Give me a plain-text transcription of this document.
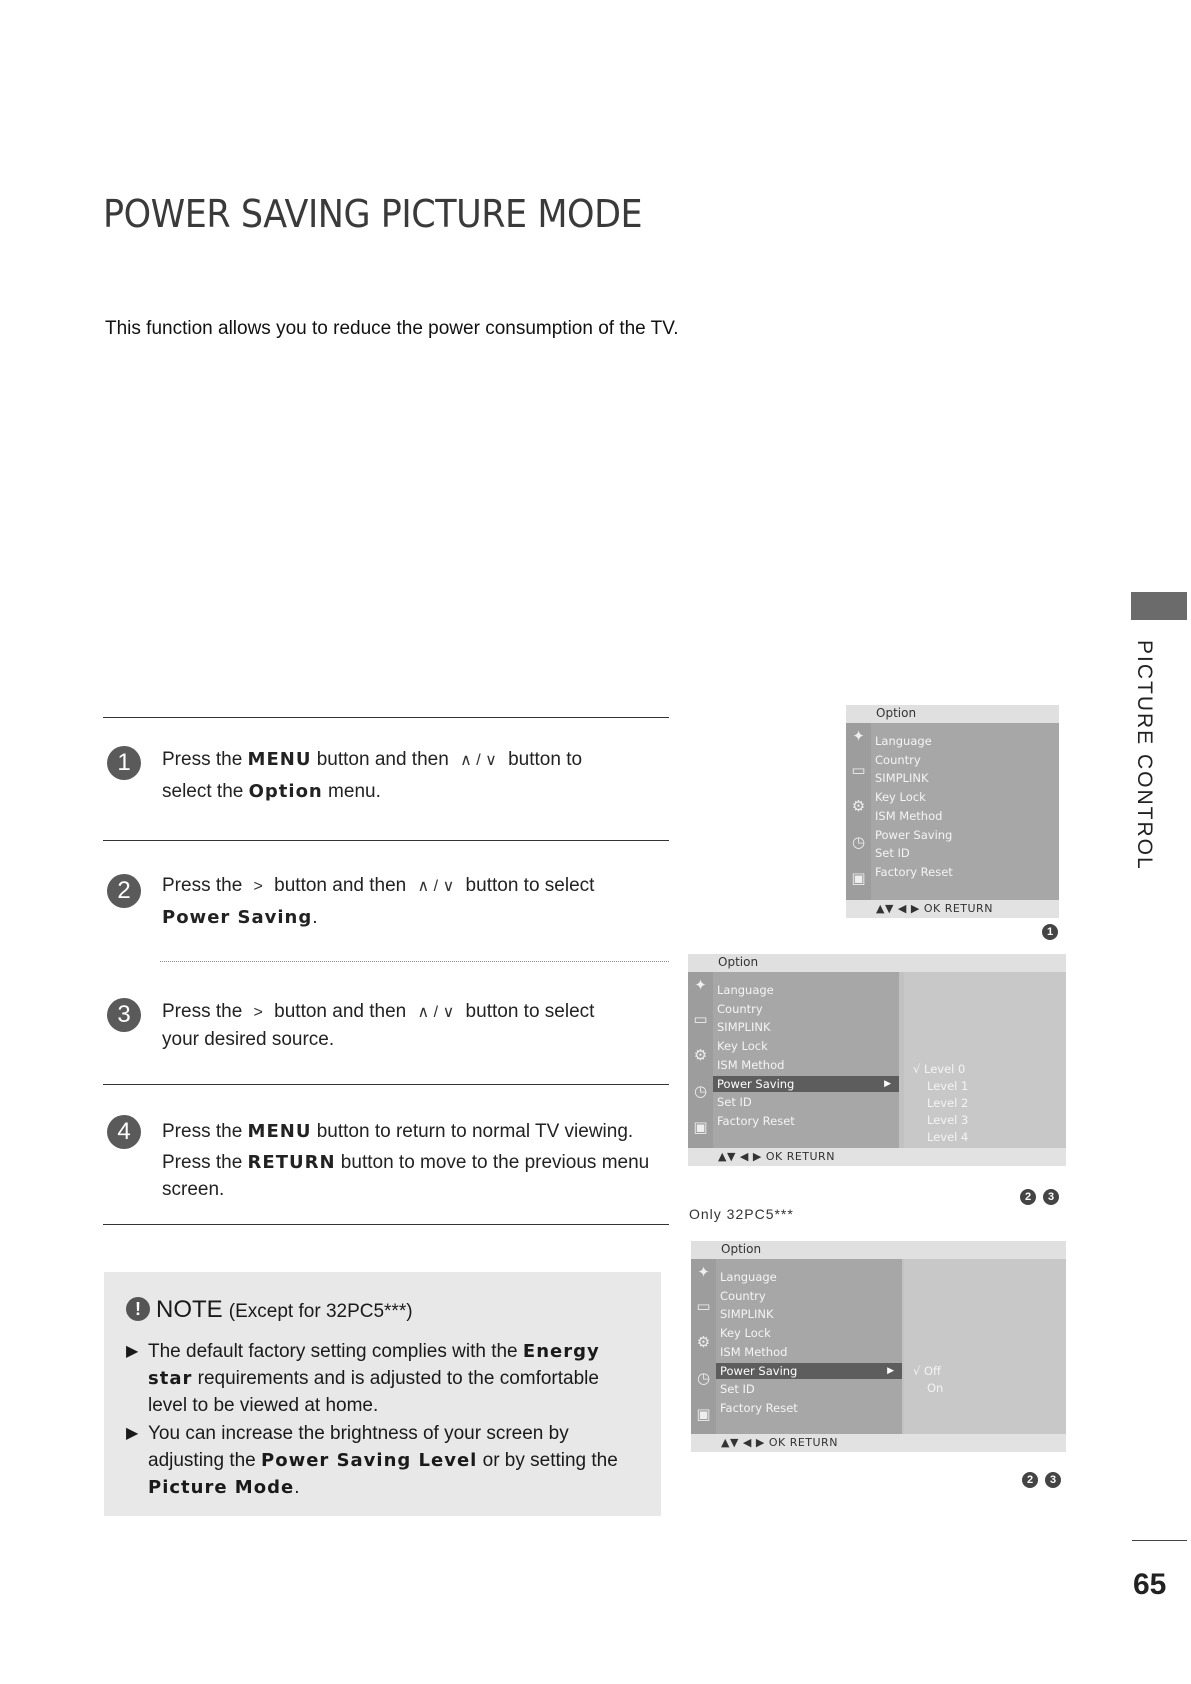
POWER SAVING PICTURE MODE
This function allows you to reduce the power consumption of the TV.
PICTURE CONTROL
65
1	Press the MENU button and then ∧ / ∨ button to
select the Option menu.
2	Press the > button and then ∧ / ∨ button to select
Power Saving.
3	Press the > button and then ∧ / ∨ button to select
your desired source.
4	Press the MENU button to return to normal TV viewing.
Press the RETURN button to move to the previous menu
screen.
! NOTE (Except for 32PC5***)
▶ The default factory setting complies with the Energy star requirements and is adjusted to the comfortable level to be viewed at home.
▶ You can increase the brightness of your screen by adjusting the Power Saving Level or by setting the Picture Mode.
Option
✦
▭
⚙
◷
▣
Language
Country
SIMPLINK
Key Lock
ISM Method
Power Saving
Set ID
Factory Reset
▲▼ ◀ ▶ OK RETURN
1
Option
✦
▭
⚙
◷
▣
Language
Country
SIMPLINK
Key Lock
ISM Method
Power Saving	▶
Set ID
Factory Reset
√ Level 0
Level 1
Level 2
Level 3
Level 4
▲▼ ◀ ▶ OK RETURN
2	3
Only 32PC5***
Option
✦
▭
⚙
◷
▣
Language
Country
SIMPLINK
Key Lock
ISM Method
Power Saving	▶
Set ID
Factory Reset
√ Off
On
▲▼ ◀ ▶ OK RETURN
2	3
